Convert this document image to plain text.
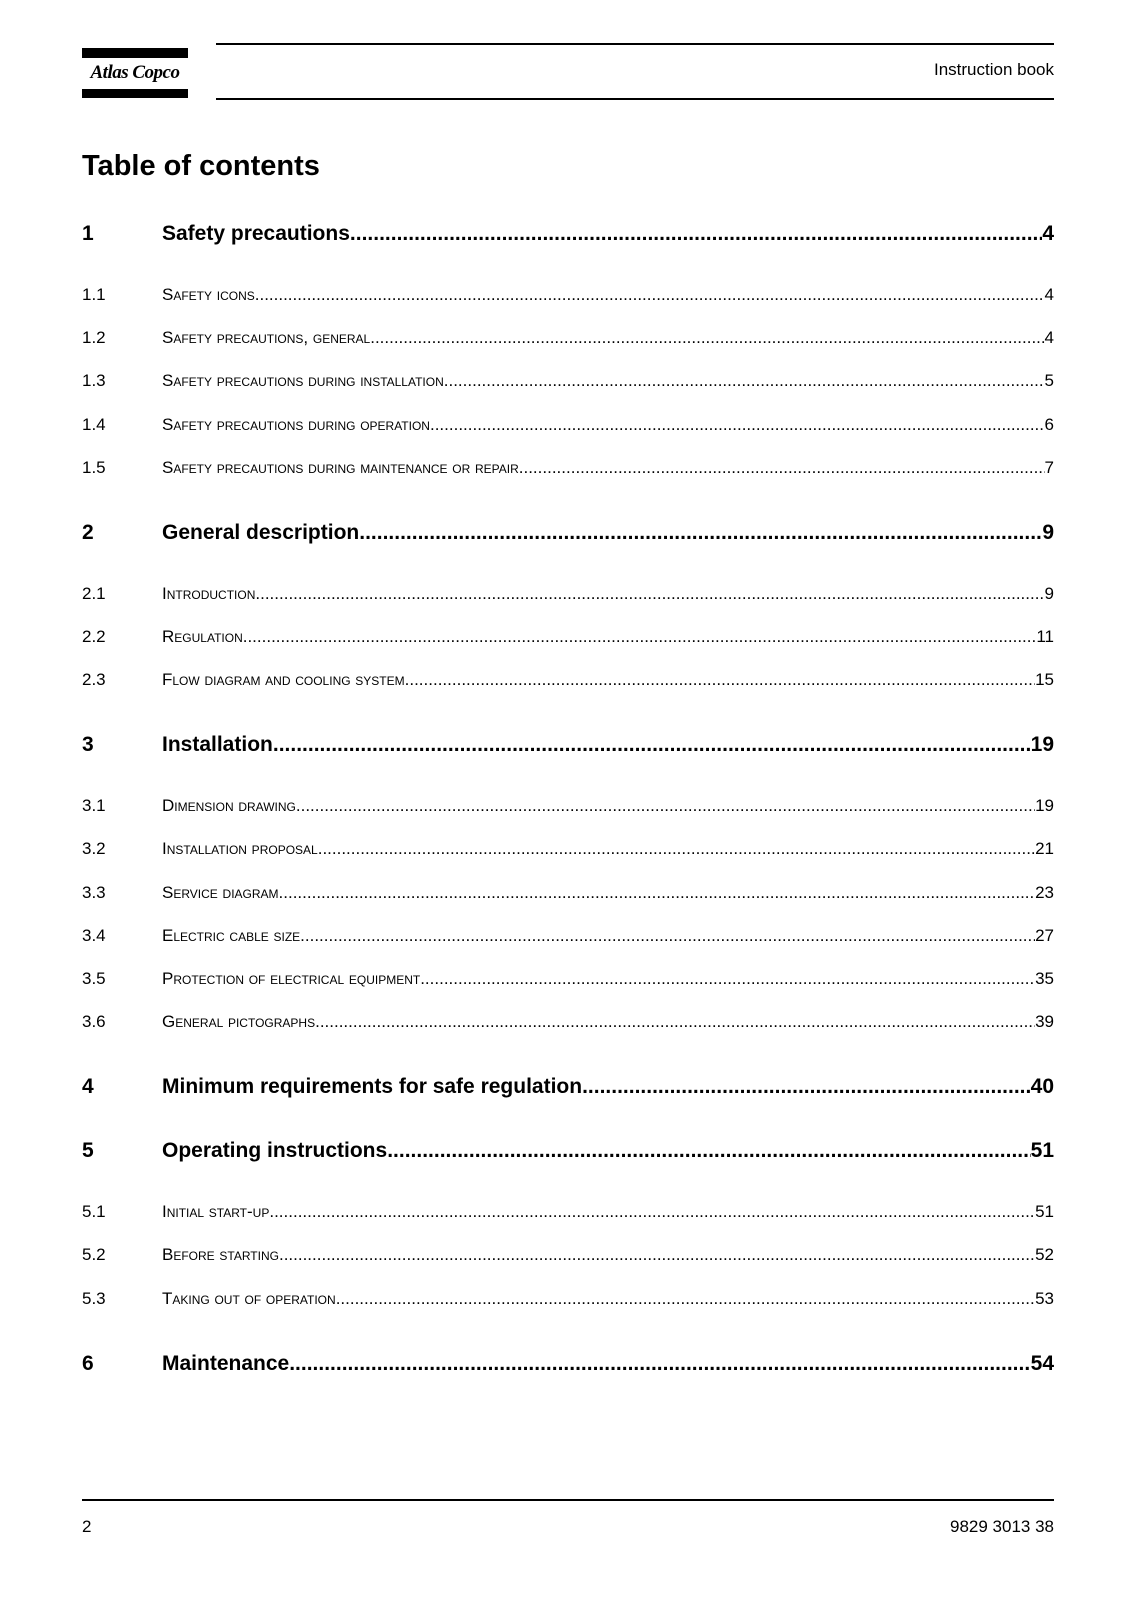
Atlas Copco	Instruction book
Table of contents
1	Safety precautions .....	4
1.1	Safety icons .....	4
1.2	Safety precautions, general .....	4
1.3	Safety precautions during installation .....	5
1.4	Safety precautions during operation .....	6
1.5	Safety precautions during maintenance or repair .....	7
2	General description .....	9
2.1	Introduction .....	9
2.2	Regulation .....	11
2.3	Flow diagram and cooling system .....	15
3	Installation .....	19
3.1	Dimension drawing .....	19
3.2	Installation proposal .....	21
3.3	Service diagram .....	23
3.4	Electric cable size .....	27
3.5	Protection of electrical equipment .....	35
3.6	General pictographs .....	39
4	Minimum requirements for safe regulation .....	40
5	Operating instructions .....	51
5.1	Initial start-up .....	51
5.2	Before starting .....	52
5.3	Taking out of operation .....	53
6	Maintenance .....	54
2	9829 3013 38
